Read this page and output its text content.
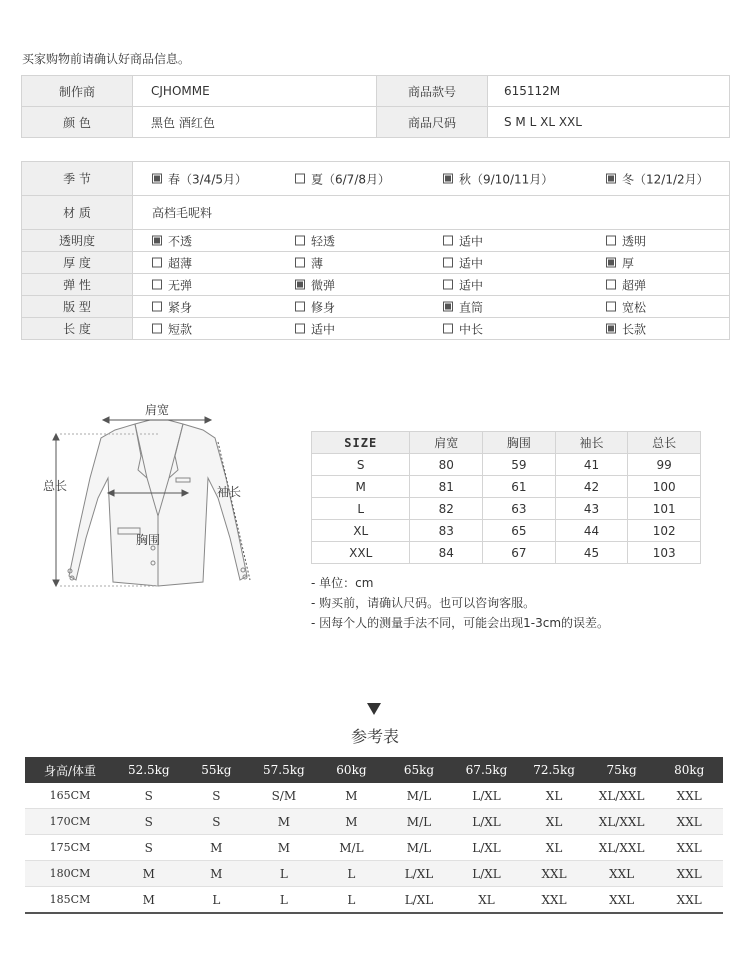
买家购物前请确认好商品信息。
制作商	CJHOMME	商品款号	615112M
颜 色	黑色 酒红色	商品尺码	S M L XL XXL
季 节	春（3/4/5月） 夏（6/7/8月） 秋（9/10/11月） 冬（12/1/2月）

材 质	高档毛呢料
透明度	不透 轻透 适中 透明

厚 度	超薄 薄 适中 厚

弹 性	无弹 微弹 适中 超弹

版 型	紧身 修身 直筒 宽松

长 度	短款 适中 中长 长款
肩宽
总长	袖长
胸围
SIZE	肩宽	胸围	袖长	总长
S	80	59	41	99
M	81	61	42	100
L	82	63	43	101
XL	83	65	44	102
XXL	84	67	45	103
- 单位：cm
- 购买前，请确认尺码。也可以咨询客服。
- 因每个人的测量手法不同，可能会出现1-3cm的误差。
参考表
身高/体重	52.5kg	55kg	57.5kg	60kg	65kg	67.5kg	72.5kg	75kg	80kg
165CM	S	S	S/M	M	M/L	L/XL	XL	XL/XXL	XXL
170CM	S	S	M	M	M/L	L/XL	XL	XL/XXL	XXL
175CM	S	M	M	M/L	M/L	L/XL	XL	XL/XXL	XXL
180CM	M	M	L	L	L/XL	L/XL	XXL	XXL	XXL
185CM	M	L	L	L	L/XL	XL	XXL	XXL	XXL
